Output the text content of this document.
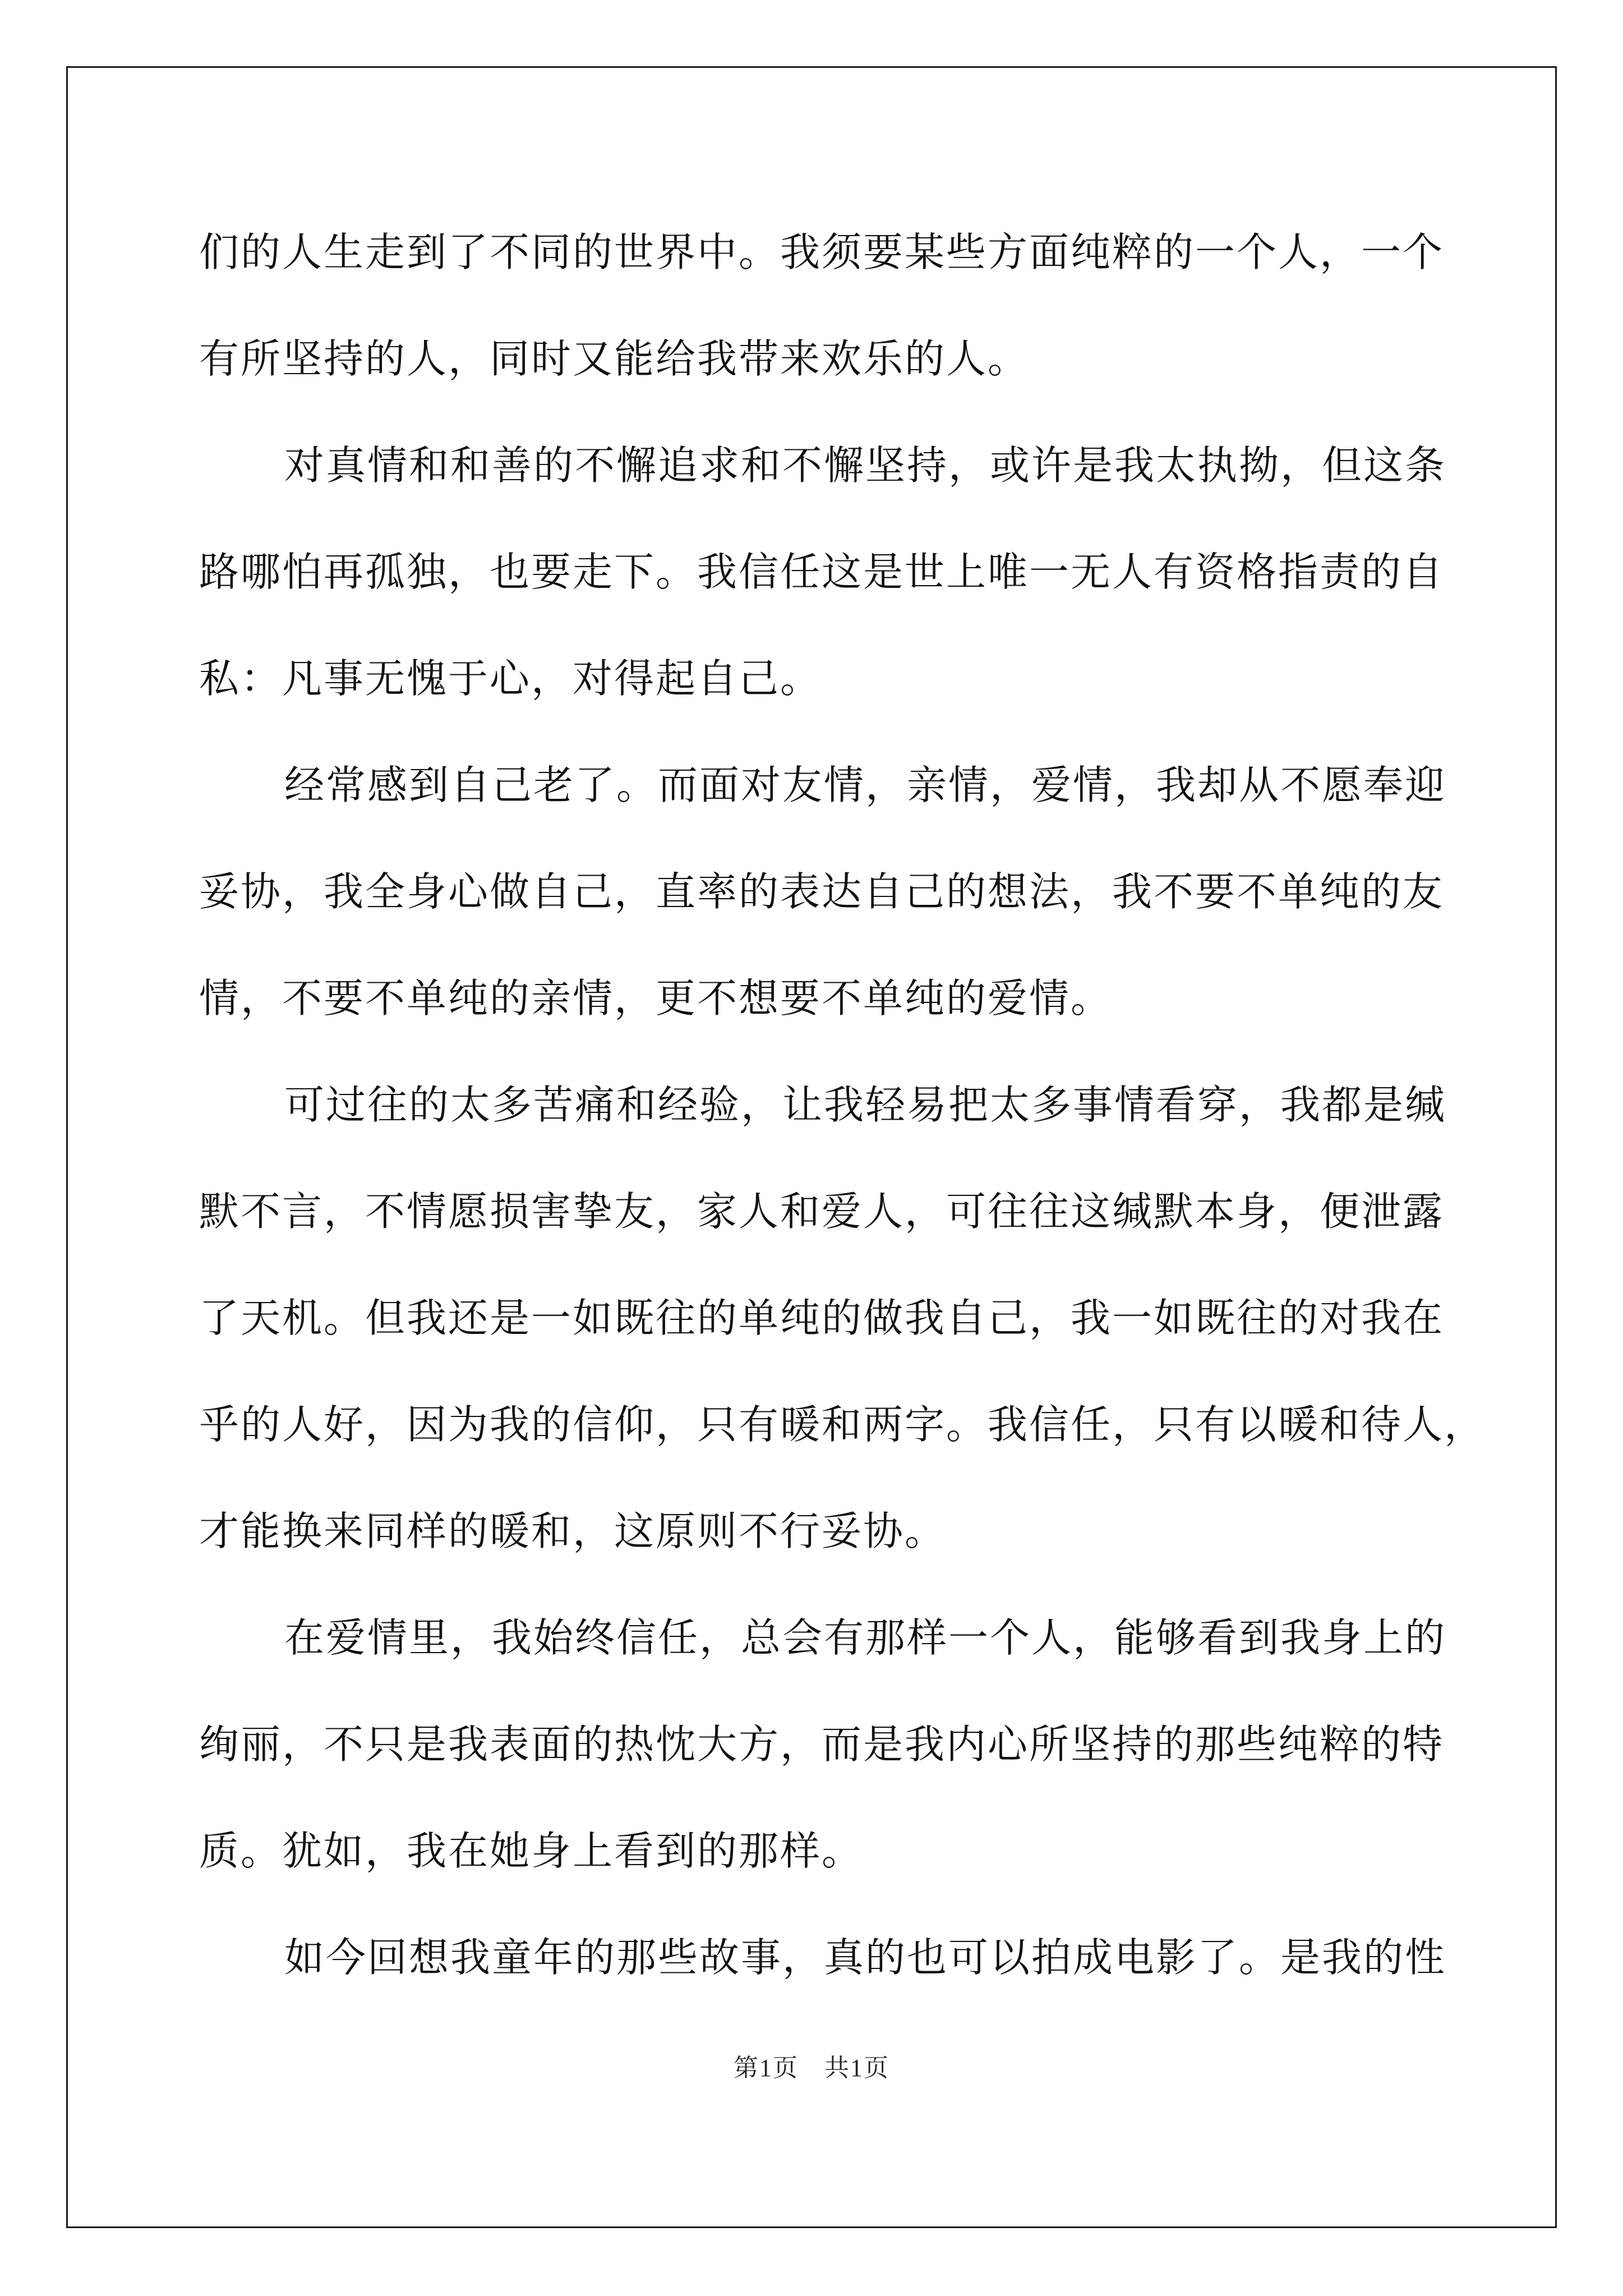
们的人生走到了不同的世界中。我须要某些方面纯粹的一个人，一个
有所坚持的人，同时又能给我带来欢乐的人。
对真情和和善的不懈追求和不懈坚持，或许是我太执拗，但这条
路哪怕再孤独，也要走下。我信任这是世上唯一无人有资格指责的自
私：凡事无愧于心，对得起自己。
经常感到自己老了。而面对友情，亲情，爱情，我却从不愿奉迎
妥协，我全身心做自己，直率的表达自己的想法，我不要不单纯的友
情，不要不单纯的亲情，更不想要不单纯的爱情。
可过往的太多苦痛和经验，让我轻易把太多事情看穿，我都是缄
默不言，不情愿损害挚友，家人和爱人，可往往这缄默本身，便泄露
了天机。但我还是一如既往的单纯的做我自己，我一如既往的对我在
乎的人好，因为我的信仰，只有暖和两字。我信任，只有以暖和待人，
才能换来同样的暖和，这原则不行妥协。
在爱情里，我始终信任，总会有那样一个人，能够看到我身上的
绚丽，不只是我表面的热忱大方，而是我内心所坚持的那些纯粹的特
质。犹如，我在她身上看到的那样。
如今回想我童年的那些故事，真的也可以拍成电影了。是我的性
第1页　共1页
